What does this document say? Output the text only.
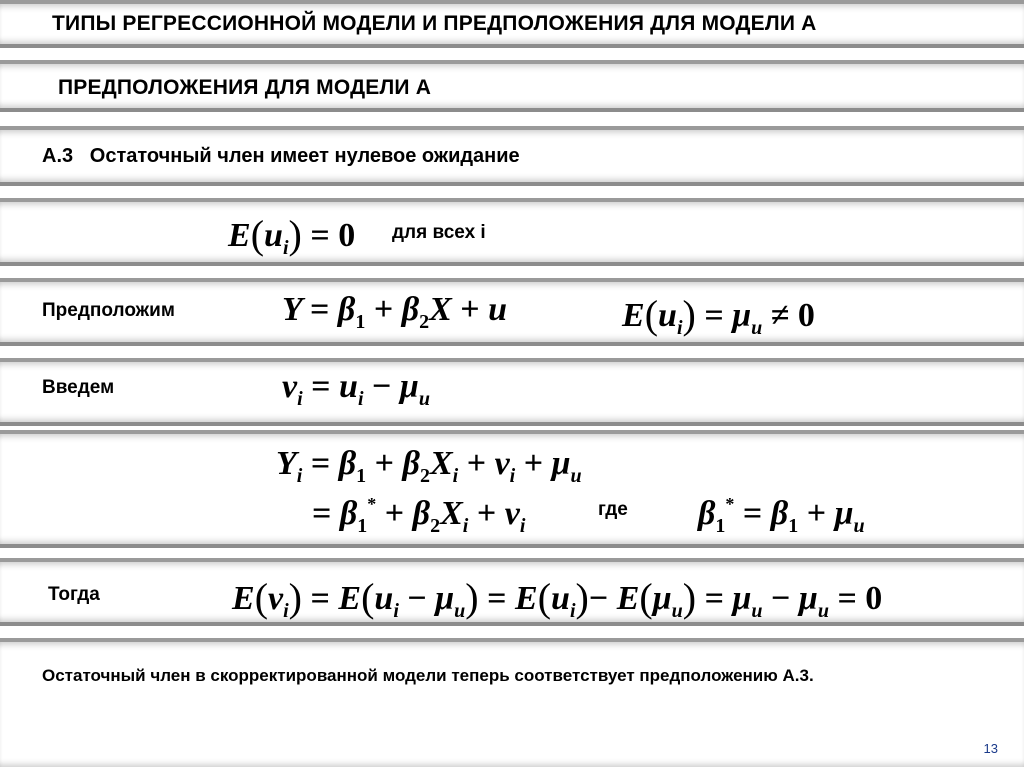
ТИПЫ РЕГРЕССИОННОЙ МОДЕЛИ И ПРЕДПОЛОЖЕНИЯ ДЛЯ МОДЕЛИ А
ПРЕДПОЛОЖЕНИЯ ДЛЯ МОДЕЛИ А
А.3   Остаточный член имеет нулевое ожидание
$E(u_i) = 0$ для всех i
Предположим	$Y = \beta_1 + \beta_2X + u$	$E(u_i) = \mu_u \ne 0$
Введем	$v_i = u_i - \mu_u$
$Y_i = \beta_1 + \beta_2X_i + v_i + \mu_u$
= $\beta_1^* + \beta_2X_i + v_i$
где $\beta_1^* = \beta_1 + \mu_u$
Тогда	$E(v_i) = E(u_i - \mu_u) = E(u_i)- E(\mu_u) = \mu_u - \mu_u = 0$
Остаточный член в скорректированной модели теперь соответствует предположению А.3.
13
